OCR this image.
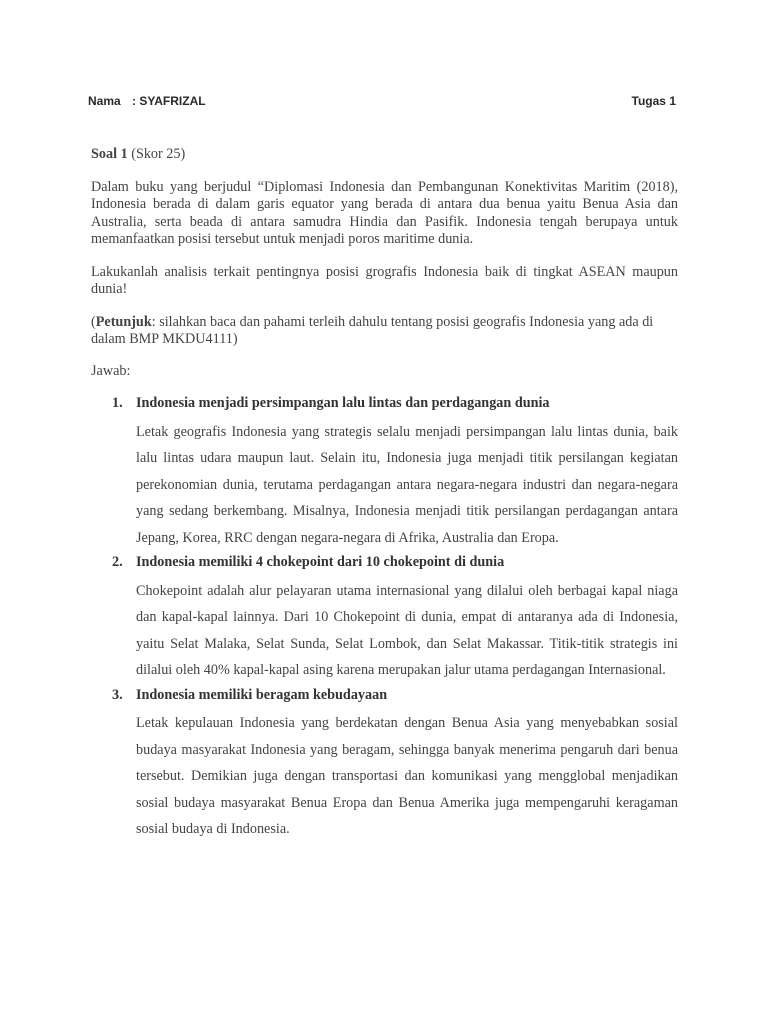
Nama : SYAFRIZAL	Tugas 1

Soal 1 (Skor 25)

Dalam buku yang berjudul “Diplomasi Indonesia dan Pembangunan Konektivitas Maritim (2018), Indonesia berada di dalam garis equator yang berada di antara dua benua yaitu Benua Asia dan Australia, serta beada di antara samudra Hindia dan Pasifik. Indonesia tengah berupaya untuk memanfaatkan posisi tersebut untuk menjadi poros maritime dunia.

Lakukanlah analisis terkait pentingnya posisi grografis Indonesia baik di tingkat ASEAN maupun dunia!

(Petunjuk: silahkan baca dan pahami terleih dahulu tentang posisi geografis Indonesia yang ada di dalam BMP MKDU4111)

Jawab:

1. Indonesia menjadi persimpangan lalu lintas dan perdagangan dunia
Letak geografis Indonesia yang strategis selalu menjadi persimpangan lalu lintas dunia, baik lalu lintas udara maupun laut. Selain itu, Indonesia juga menjadi titik persilangan kegiatan perekonomian dunia, terutama perdagangan antara negara-negara industri dan negara-negara yang sedang berkembang. Misalnya, Indonesia menjadi titik persilangan perdagangan antara Jepang, Korea, RRC dengan negara-negara di Afrika, Australia dan Eropa.
2. Indonesia memiliki 4 chokepoint dari 10 chokepoint di dunia
Chokepoint adalah alur pelayaran utama internasional yang dilalui oleh berbagai kapal niaga dan kapal-kapal lainnya. Dari 10 Chokepoint di dunia, empat di antaranya ada di Indonesia, yaitu Selat Malaka, Selat Sunda, Selat Lombok, dan Selat Makassar. Titik-titik strategis ini dilalui oleh 40% kapal-kapal asing karena merupakan jalur utama perdagangan Internasional.
3. Indonesia memiliki beragam kebudayaan
Letak kepulauan Indonesia yang berdekatan dengan Benua Asia yang menyebabkan sosial budaya masyarakat Indonesia yang beragam, sehingga banyak menerima pengaruh dari benua tersebut. Demikian juga dengan transportasi dan komunikasi yang mengglobal menjadikan sosial budaya masyarakat Benua Eropa dan Benua Amerika juga mempengaruhi keragaman sosial budaya di Indonesia.
